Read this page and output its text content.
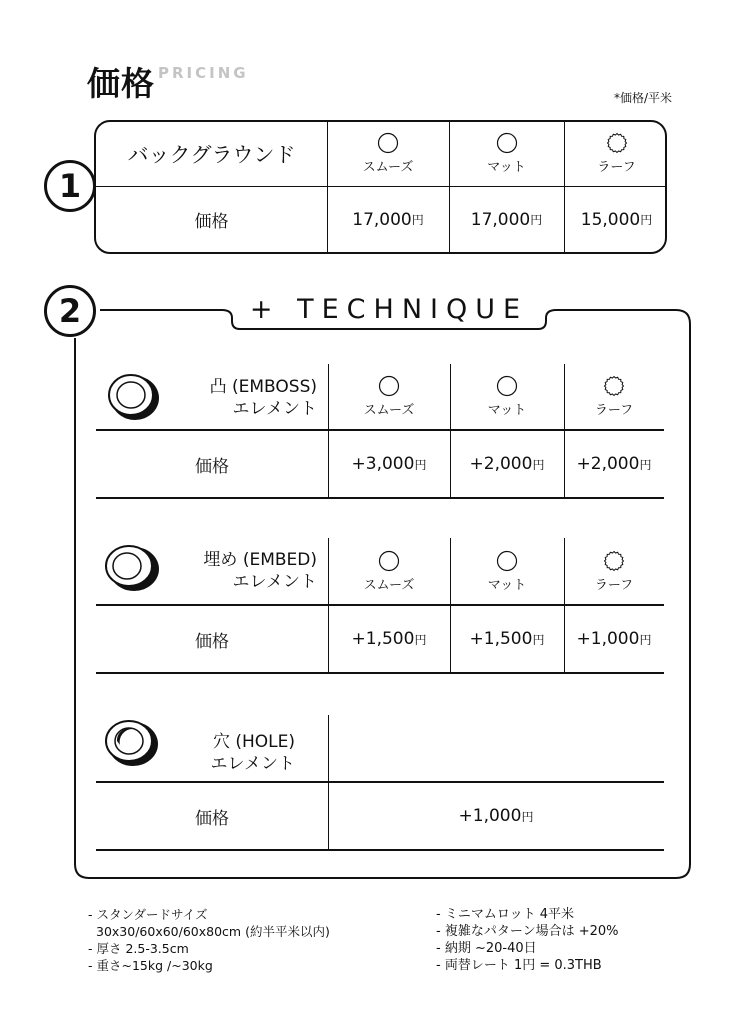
価格 PRICING
*価格/平米
バックグラウンド
スムーズ	マット	ラーフ
価格	17,000 円	17,000 円 15,000 円
1
2	+ TECHNIQUE
凸 (EMBOSS)
エレメント	スムーズ	マット	ラーフ
価格	+3,000 円	+2,000 円 +2,000 円
埋め (EMBED)
エレメント	スムーズ	マット	ラーフ
価格	+1,500 円	+1,500 円 +1,000 円
穴 (HOLE)
エレメント
価格	+1,000 円
- スタンダードサイズ
30x30/60x60/60x80cm (約半平米以内)
- 厚さ 2.5-3.5cm
- 重さ~15kg /~30kg
- ミニマムロット 4平米
- 複雑なパターン場合は +20%
- 納期 ~20-40日
- 両替レート 1円 = 0.3THB
